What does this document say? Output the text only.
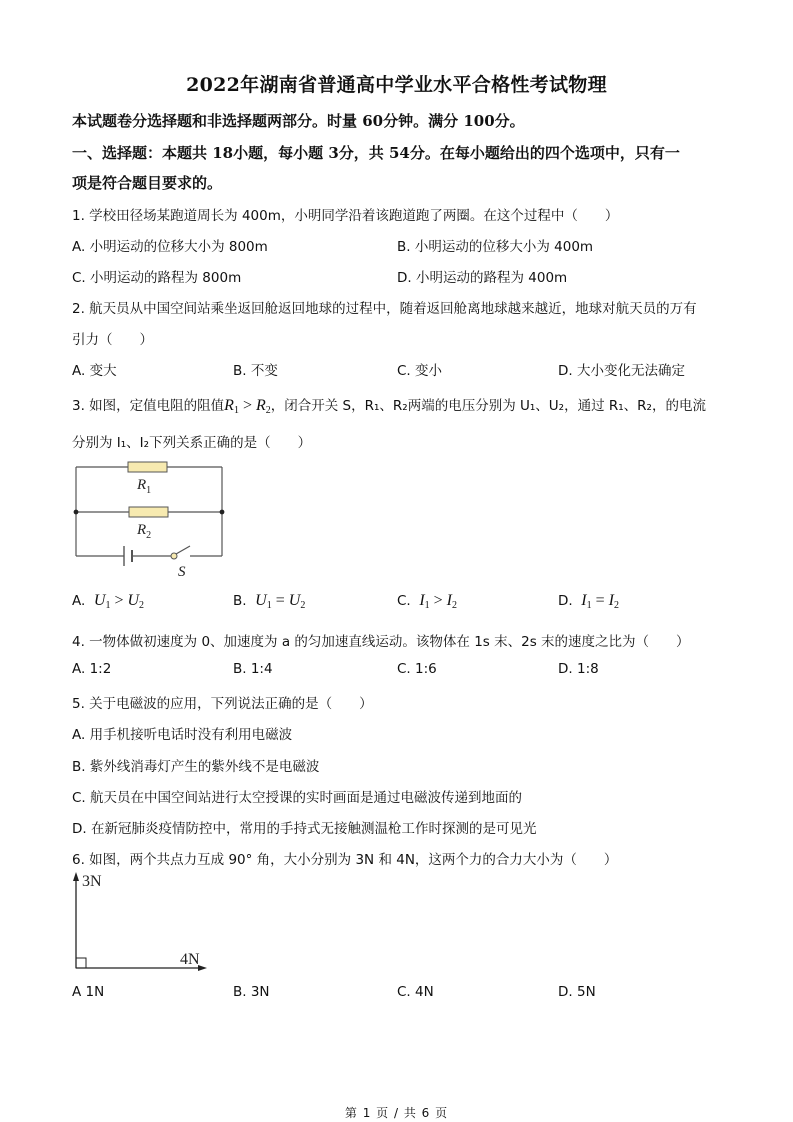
2022年湖南省普通高中学业水平合格性考试物理
本试题卷分选择题和非选择题两部分。时量 60分钟。满分 100分。
一、选择题：本题共 18小题，每小题 3分，共 54分。在每小题给出的四个选项中，只有一
项是符合题目要求的。
1. 学校田径场某跑道周长为 400m，小明同学沿着该跑道跑了两圈。在这个过程中（　　）
A. 小明运动的位移大小为 800m	B. 小明运动的位移大小为 400m
C. 小明运动的路程为 800m	D. 小明运动的路程为 400m
2. 航天员从中国空间站乘坐返回舱返回地球的过程中，随着返回舱离地球越来越近，地球对航天员的万有
引力（　　）
A. 变大	B. 不变	C. 变小	D. 大小变化无法确定
3. 如图，定值电阻的阻值$R_1 > R_2$，闭合开关 S，R₁、R₂两端的电压分别为 U₁、U₂，通过 R₁、R₂，的电流
分别为 I₁、I₂下列关系正确的是（　　）
$R_1$
$R_2$
S
A. $U_1 > U_2$	B. $U_1 = U_2$	C. $I_1 > I_2$	D. $I_1 = I_2$
4. 一物体做初速度为 0、加速度为 a 的匀加速直线运动。该物体在 1s 末、2s 末的速度之比为（　　）
A. 1:2	B. 1:4	C. 1:6	D. 1:8
5. 关于电磁波的应用，下列说法正确的是（　　）
A. 用手机接听电话时没有利用电磁波
B. 紫外线消毒灯产生的紫外线不是电磁波
C. 航天员在中国空间站进行太空授课的实时画面是通过电磁波传递到地面的
D. 在新冠肺炎疫情防控中，常用的手持式无接触测温枪工作时探测的是可见光
6. 如图，两个共点力互成 90° 角，大小分别为 3N 和 4N，这两个力的合力大小为（　　）
3N
4N
A 1N	B. 3N	C. 4N	D. 5N
第 1 页 / 共 6 页
